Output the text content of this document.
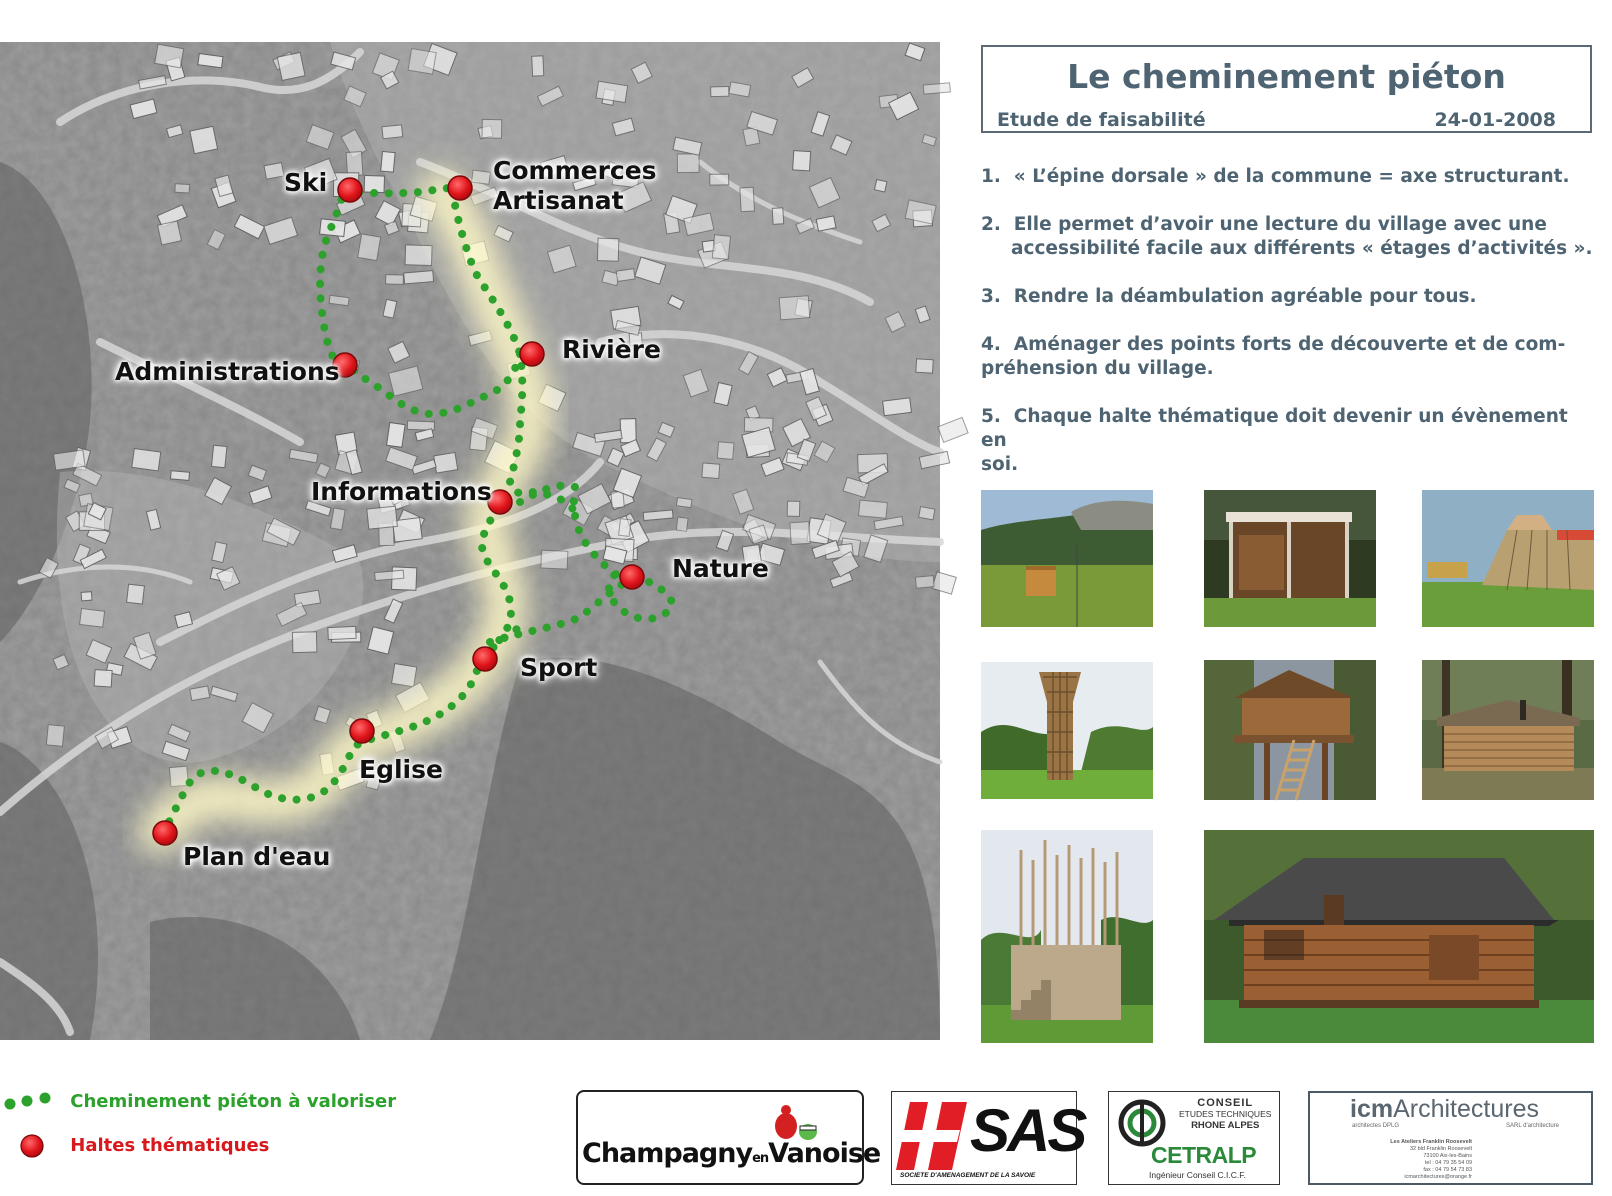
Ski	Commerces
Artisanat
Rivière
Administrations
Informations
Nature
Sport
Eglise
Plan d'eau
Le cheminement piéton
Etude de faisabilité	24-01-2008
1. « L’épine dorsale » de la commune = axe structurant.
2. Elle permet d’avoir une lecture du village avec une
accessibilité facile aux différents « étages d’activités ».
3. Rendre la déambulation agréable pour tous.
4. Aménager des points forts de découverte et de com-
préhension du village.
5. Chaque halte thématique doit devenir un évènement en
soi.
Cheminement piéton à valoriser
Haltes thématiques	ChampagnyenVanoise SAS
SOCIETE D'AMENAGEMENT DE LA SAVOIE
CONSEIL
ETUDES TECHNIQUES
RHONE ALPES
CETRALP
Ingénieur Conseil C.I.C.F.
icmArchitectures
architectes DPLG	SARL d'architecture
Les Ateliers Franklin Roosevelt
32 bld Franklin Roosevelt
73100 Aix-les-Bains
tel : 04 79 35 54 09
fax : 04 79 54 73 83
icmarchitectures@orange.fr
